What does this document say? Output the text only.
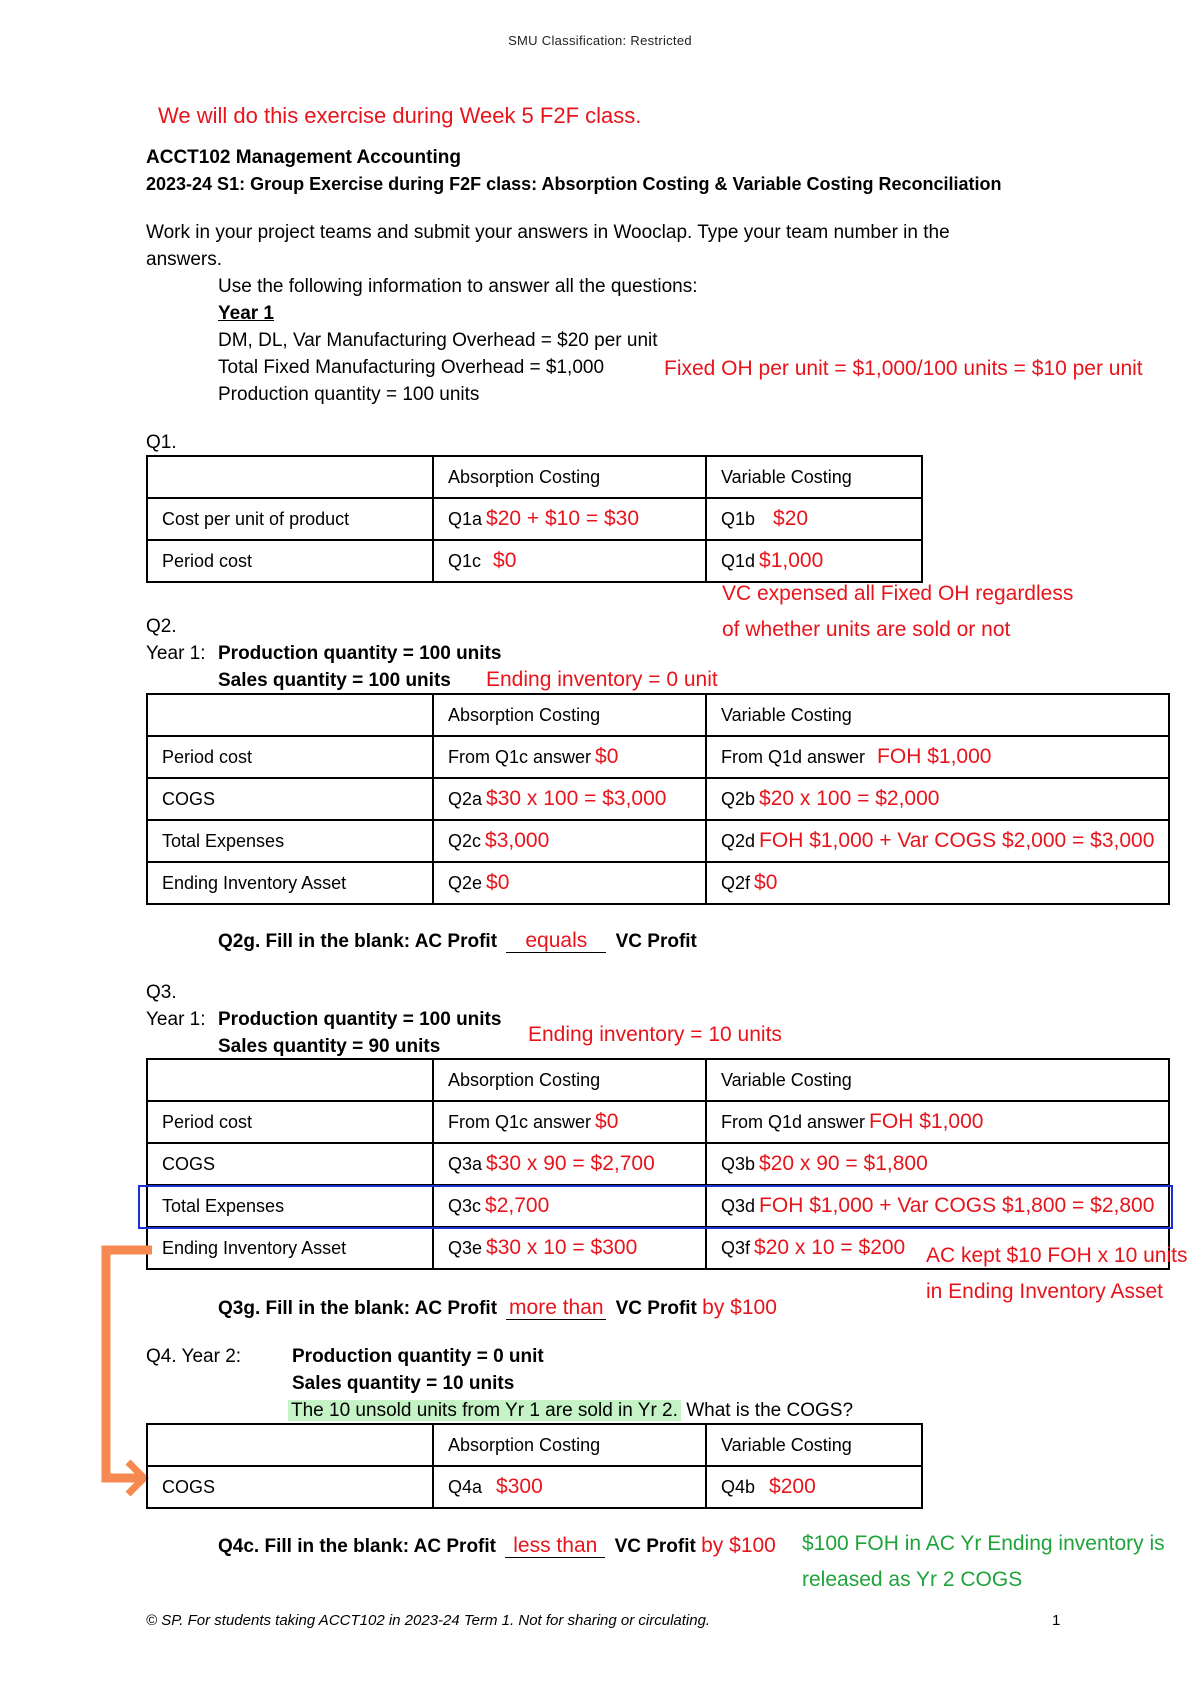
SMU Classification: Restricted
We will do this exercise during Week 5 F2F class.
ACCT102 Management Accounting
2023-24 S1: Group Exercise during F2F class: Absorption Costing & Variable Costing Reconciliation
Work in your project teams and submit your answers in Wooclap. Type your team number in the
answers.
Use the following information to answer all the questions:
Year 1
DM, DL, Var Manufacturing Overhead = $20 per unit
Total Fixed Manufacturing Overhead = $1,000
Production quantity = 100 units
Fixed OH per unit = $1,000/100 units = $10 per unit
Q1.
	Absorption Costing	Variable Costing
Cost per unit of product	Q1a $20 + $10 = $30	Q1b $20
Period cost	Q1c $0	Q1d $1,000
VC expensed all Fixed OH regardless
of whether units are sold or not
Q2.
Year 1: Production quantity = 100 units
Sales quantity = 100 units Ending inventory = 0 unit
	Absorption Costing	Variable Costing
Period cost	From Q1c answer $0	From Q1d answer FOH $1,000
COGS	Q2a $30 x 100 = $3,000	Q2b $20 x 100 = $2,000
Total Expenses	Q2c $3,000	Q2d FOH $1,000 + Var COGS $2,000 = $3,000
Ending Inventory Asset	Q2e $0	Q2f $0
Q2g. Fill in the blank: AC Profit equals VC Profit
Q3.
Year 1: Production quantity = 100 units
Sales quantity = 90 units
Ending inventory = 10 units
	Absorption Costing	Variable Costing
Period cost	From Q1c answer $0	From Q1d answer FOH $1,000
COGS	Q3a $30 x 90 = $2,700	Q3b $20 x 90 = $1,800
Total Expenses	Q3c $2,700	Q3d FOH $1,000 + Var COGS $1,800 = $2,800
Ending Inventory Asset	Q3e $30 x 10 = $300	Q3f $20 x 10 = $200 AC kept $10 FOH x 10 units
in Ending Inventory Asset
Q3g. Fill in the blank: AC Profit more than VC Profit by $100
Q4. Year 2:	Production quantity = 0 unit
Sales quantity = 10 units
The 10 unsold units from Yr 1 are sold in Yr 2. What is the COGS?
	Absorption Costing	Variable Costing
COGS	Q4a $300	Q4b $200
Q4c. Fill in the blank: AC Profit less than VC Profit by $100 $100 FOH in AC Yr Ending inventory is
released as Yr 2 COGS
© SP. For students taking ACCT102 in 2023-24 Term 1. Not for sharing or circulating.	1
